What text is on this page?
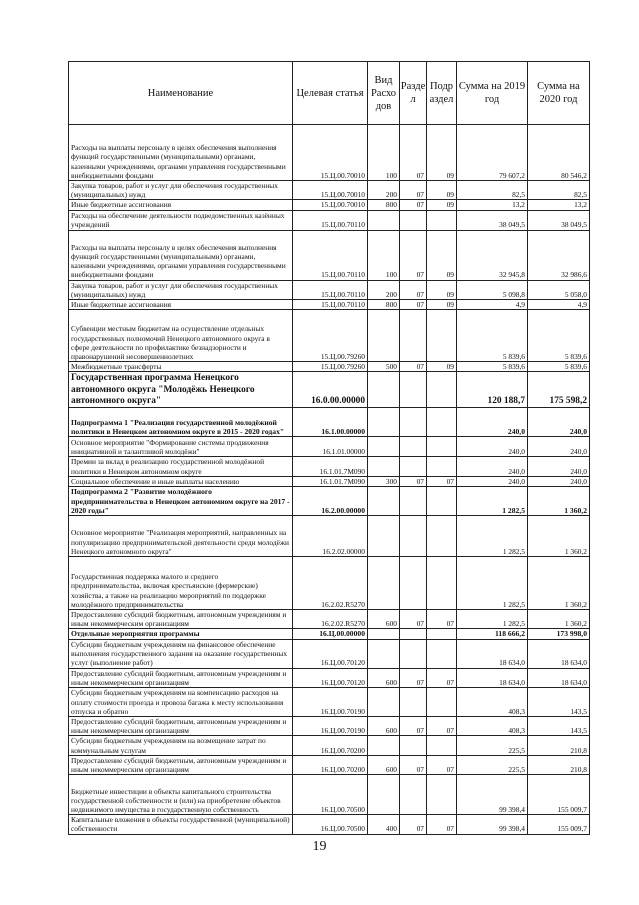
Наименование	Целевая статья	Вид Расхо дов	Разде л	Подр аздел	Сумма на 2019 год	Сумма на 2020 год
Расходы на выплаты персоналу в целях обеспечения выполнения функций государственными (муниципальными) органами, казенными учреждениями, органами управления государственными внебюджетными фондами	15.Ц.00.70010	100	07	09	79 607,2	80 546,2
Закупка товаров, работ и услуг для обеспечения государственных (муниципальных) нужд	15.Ц.00.70010	200	07	09	82,5	82,5
Иные бюджетные ассигнования	15.Ц.00.70010	800	07	09	13,2	13,2
Расходы на обеспечение деятельности подведомственных казённых учреждений	15.Ц.00.70110				38 049,5	38 049,5
Расходы на выплаты персоналу в целях обеспечения выполнения функций государственными (муниципальными) органами, казенными учреждениями, органами управления государственными внебюджетными фондами	15.Ц.00.70110	100	07	09	32 945,8	32 986,6
Закупка товаров, работ и услуг для обеспечения государственных (муниципальных) нужд	15.Ц.00.70110	200	07	09	5 098,8	5 058,0
Иные бюджетные ассигнования	15.Ц.00.70110	800	07	09	4,9	4,9
Субвенции местным бюджетам на осуществление отдельных государственных полномочий Ненецкого автономного округа в сфере деятельности по профилактике безнадзорности и правонарушений несовершеннолетних	15.Ц.00.79260				5 839,6	5 839,6
Межбюджетные трансферты	15.Ц.00.79260	500	07	09	5 839,6	5 839,6
Государственная программа Ненецкого автономного округа "Молодёжь Ненецкого автономного округа"	16.0.00.00000				120 188,7	175 598,2
Подпрограмма 1 "Реализация государственной молодёжной политики в Ненецком автономном округе в 2015 - 2020 годах"	16.1.00.00000				240,0	240,0
Основное мероприятие "Формирование системы продвижения инициативной и талантливой молодёжи"	16.1.01.00000				240,0	240,0
Премии за вклад в реализацию государственной молодёжной политики в Ненецком автономном округе	16.1.01.7М090				240,0	240,0
Социальное обеспечение и иные выплаты населению	16.1.01.7М090	300	07	07	240,0	240,0
Подпрограмма 2 "Развитие молодёжного предпринимательства в Ненецком автономном округе на 2017 - 2020 годы"	16.2.00.00000				1 282,5	1 360,2
Основное мероприятие "Реализация мероприятий, направленных на популяризацию предпринимательской деятельности среди молодёжи Ненецкого автономного округа"	16.2.02.00000				1 282,5	1 360,2
Государственная поддержка малого и среднего предпринимательства, включая крестьянские (фермерские) хозяйства, а также на реализацию мероприятий по поддержке молодёжного предпринимательства	16.2.02.R5270				1 282,5	1 360,2
Предоставление субсидий бюджетным, автономным учреждениям и иным некоммерческим организациям	16.2.02.R5270	600	07	07	1 282,5	1 360,2
Отдельные мероприятия программы	16.Ц.00.00000				118 666,2	173 998,0
Субсидии бюджетным учреждениям на финансовое обеспечение выполнения государственного задания на оказание государственных услуг (выполнение работ)	16.Ц.00.70120				18 634,0	18 634,0
Предоставление субсидий бюджетным, автономным учреждениям и иным некоммерческим организациям	16.Ц.00.70120	600	07	07	18 634,0	18 634,0
Субсидии бюджетным учреждениям на компенсацию расходов на оплату стоимости проезда и провоза багажа к месту использования отпуска и обратно	16.Ц.00.70190				408,3	143,5
Предоставление субсидий бюджетным, автономным учреждениям и иным некоммерческим организациям	16.Ц.00.70190	600	07	07	408,3	143,5
Субсидии бюджетным учреждениям на возмещение затрат по коммунальным услугам	16.Ц.00.70200				225,5	210,8
Предоставление субсидий бюджетным, автономным учреждениям и иным некоммерческим организациям	16.Ц.00.70200	600	07	07	225,5	210,8
Бюджетные инвестиции в объекты капитального строительства государственной собственности и (или) на приобретение объектов недвижимого имущества в государственную собственность	16.Ц.00.70500				99 398,4	155 009,7
Капитальные вложения в объекты государственной (муниципальной) собственности	16.Ц.00.70500	400	07	07	99 398,4	155 009,7
19
